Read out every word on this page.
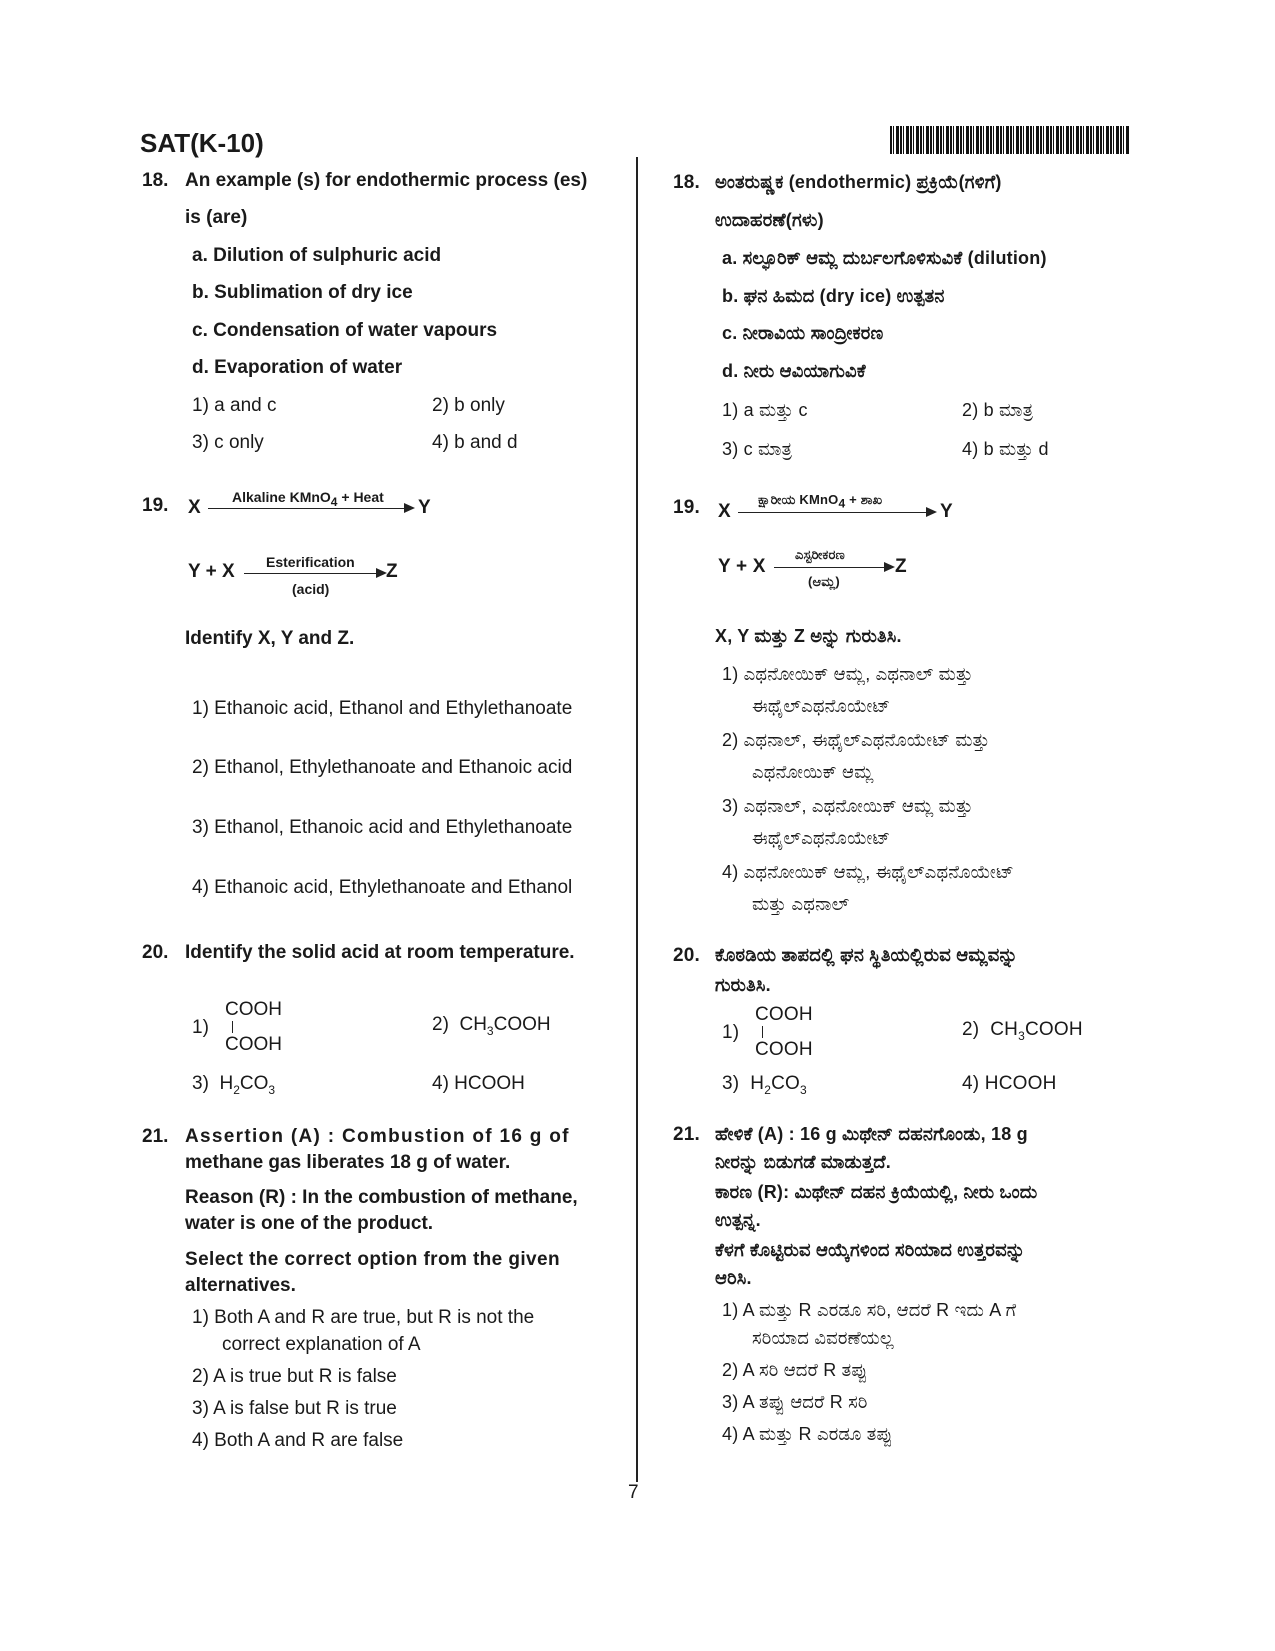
SAT(K-10)
7
18. An example (s) for endothermic process (es)
is (are)
a. Dilution of sulphuric acid
b. Sublimation of dry ice
c. Condensation of water vapours
d. Evaporation of water
1) a and c	2) b only
3) c only	4) b and d
19. X Alkaline KMnO$_4$ + Heat Y
Y + X Esterification
(acid)
Z
Identify X, Y and Z.
1) Ethanoic acid, Ethanol and Ethylethanoate
2) Ethanol, Ethylethanoate and Ethanoic acid
3) Ethanol, Ethanoic acid and Ethylethanoate
4) Ethanoic acid, Ethylethanoate and Ethanol
20. Identify the solid acid at room temperature.
1)
COOH
COOH
2) $CH_3COOH$
3) $H_2CO_3$	4) HCOOH
21. Assertion (A) : Combustion of 16 g of
methane gas liberates 18 g of water.
Reason (R) : In the combustion of methane,
water is one of the product.
Select the correct option from the given
alternatives.
1) Both A and R are true, but R is not the
correct explanation of A
2) A is true but R is false
3) A is false but R is true
4) Both A and R are false
18. ಅಂತರುಷ್ಣಕ (endothermic) ಪ್ರಕ್ರಿಯೆ(ಗಳಿಗೆ)
ಉದಾಹರಣೆ(ಗಳು)
a. ಸಲ್ಫೂರಿಕ್ ಆಮ್ಲ ದುರ್ಬಲಗೊಳಿಸುವಿಕೆ (dilution)
b. ಘನ ಹಿಮದ (dry ice) ಉತ್ಪತನ
c. ನೀರಾವಿಯ ಸಾಂದ್ರೀಕರಣ
d. ನೀರು ಆವಿಯಾಗುವಿಕೆ
1) a ಮತ್ತು c	2) b ಮಾತ್ರ
3) c ಮಾತ್ರ	4) b ಮತ್ತು d
19. X
ಕ್ಷಾರೀಯ KMnO$_4$ + ಶಾಖ
Y
Y + X
ಎಸ್ಟರೀಕರಣ
(ಆಮ್ಲ)
Z
X, Y ಮತ್ತು Z ಅನ್ನು ಗುರುತಿಸಿ.
1) ಎಥನೋಯಿಕ್ ಆಮ್ಲ, ಎಥನಾಲ್ ಮತ್ತು
ಈಥೈಲ್ಎಥನೊಯೇಟ್
2) ಎಥನಾಲ್, ಈಥೈಲ್ಎಥನೊಯೇಟ್ ಮತ್ತು
ಎಥನೋಯಿಕ್ ಆಮ್ಲ
3) ಎಥನಾಲ್, ಎಥನೋಯಿಕ್ ಆಮ್ಲ ಮತ್ತು
ಈಥೈಲ್ಎಥನೊಯೇಟ್
4) ಎಥನೋಯಿಕ್ ಆಮ್ಲ, ಈಥೈಲ್ಎಥನೊಯೇಟ್
ಮತ್ತು ಎಥನಾಲ್
20. ಕೊಠಡಿಯ ತಾಪದಲ್ಲಿ ಘನ ಸ್ಥಿತಿಯಲ್ಲಿರುವ ಆಮ್ಲವನ್ನು
ಗುರುತಿಸಿ.
1)
COOH
COOH
2) $CH_3COOH$
3) $H_2CO_3$	4) HCOOH
21. ಹೇಳಿಕೆ (A) : 16 g ಮಿಥೇನ್ ದಹನಗೊಂಡು, 18 g
ನೀರನ್ನು ಬಿಡುಗಡೆ ಮಾಡುತ್ತದೆ.
ಕಾರಣ (R): ಮಿಥೇನ್ ದಹನ ಕ್ರಿಯೆಯಲ್ಲಿ, ನೀರು ಒಂದು
ಉತ್ಪನ್ನ.
ಕೆಳಗೆ ಕೊಟ್ಟಿರುವ ಆಯ್ಕೆಗಳಿಂದ ಸರಿಯಾದ ಉತ್ತರವನ್ನು
ಆರಿಸಿ.
1) A ಮತ್ತು R ಎರಡೂ ಸರಿ, ಆದರೆ R ಇದು A ಗೆ
ಸರಿಯಾದ ವಿವರಣೆಯಲ್ಲ
2) A ಸರಿ ಆದರೆ R ತಪ್ಪು
3) A ತಪ್ಪು ಆದರೆ R ಸರಿ
4) A ಮತ್ತು R ಎರಡೂ ತಪ್ಪು
